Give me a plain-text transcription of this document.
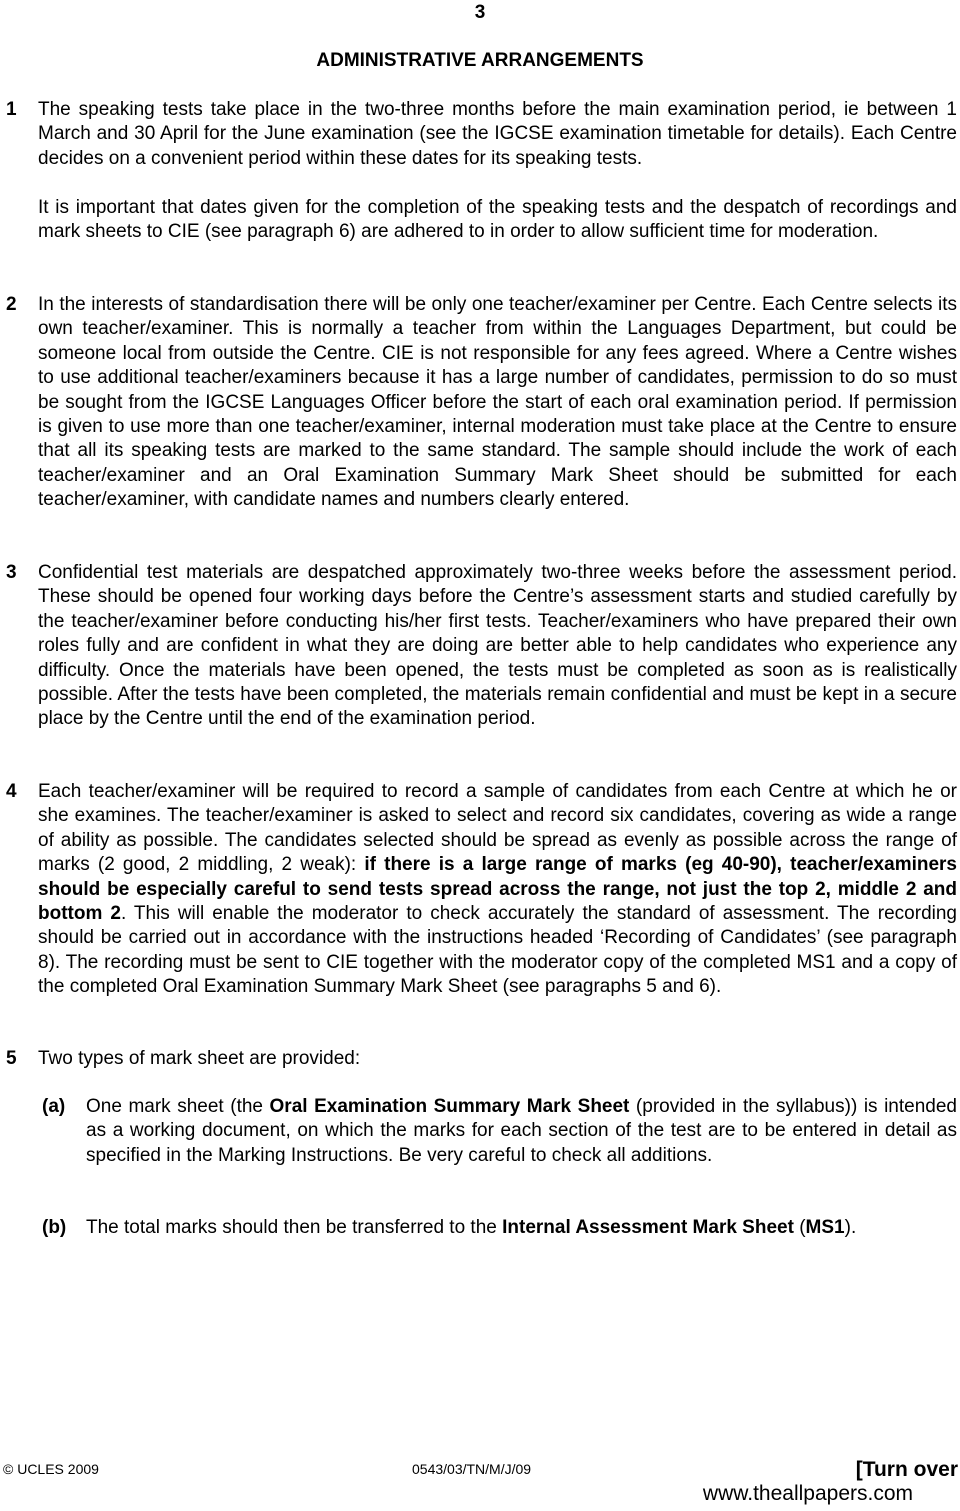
3
ADMINISTRATIVE ARRANGEMENTS
1 The speaking tests take place in the two-three months before the main examination period, ie between 1 March and 30 April for the June examination (see the IGCSE examination timetable for details). Each Centre decides on a convenient period within these dates for its speaking tests.
It is important that dates given for the completion of the speaking tests and the despatch of recordings and mark sheets to CIE (see paragraph 6) are adhered to in order to allow sufficient time for moderation.
2 In the interests of standardisation there will be only one teacher/examiner per Centre. Each Centre selects its own teacher/examiner. This is normally a teacher from within the Languages Department, but could be someone local from outside the Centre. CIE is not responsible for any fees agreed. Where a Centre wishes to use additional teacher/examiners because it has a large number of candidates, permission to do so must be sought from the IGCSE Languages Officer before the start of each oral examination period. If permission is given to use more than one teacher/examiner, internal moderation must take place at the Centre to ensure that all its speaking tests are marked to the same standard. The sample should include the work of each teacher/examiner and an Oral Examination Summary Mark Sheet should be submitted for each teacher/examiner, with candidate names and numbers clearly entered.
3 Confidential test materials are despatched approximately two-three weeks before the assessment period. These should be opened four working days before the Centre’s assessment starts and studied carefully by the teacher/examiner before conducting his/her first tests. Teacher/examiners who have prepared their own roles fully and are confident in what they are doing are better able to help candidates who experience any difficulty. Once the materials have been opened, the tests must be completed as soon as is realistically possible. After the tests have been completed, the materials remain confidential and must be kept in a secure place by the Centre until the end of the examination period.
4 Each teacher/examiner will be required to record a sample of candidates from each Centre at which he or she examines. The teacher/examiner is asked to select and record six candidates, covering as wide a range of ability as possible. The candidates selected should be spread as evenly as possible across the range of marks (2 good, 2 middling, 2 weak): if there is a large range of marks (eg 40-90), teacher/examiners should be especially careful to send tests spread across the range, not just the top 2, middle 2 and bottom 2. This will enable the moderator to check accurately the standard of assessment. The recording should be carried out in accordance with the instructions headed ‘Recording of Candidates’ (see paragraph 8). The recording must be sent to CIE together with the moderator copy of the completed MS1 and a copy of the completed Oral Examination Summary Mark Sheet (see paragraphs 5 and 6).
5 Two types of mark sheet are provided:
(a) One mark sheet (the Oral Examination Summary Mark Sheet (provided in the syllabus)) is intended as a working document, on which the marks for each section of the test are to be entered in detail as specified in the Marking Instructions. Be very careful to check all additions.
(b) The total marks should then be transferred to the Internal Assessment Mark Sheet (MS1).
© UCLES 2009	0543/03/TN/M/J/09	[Turn over
www.theallpapers.com
